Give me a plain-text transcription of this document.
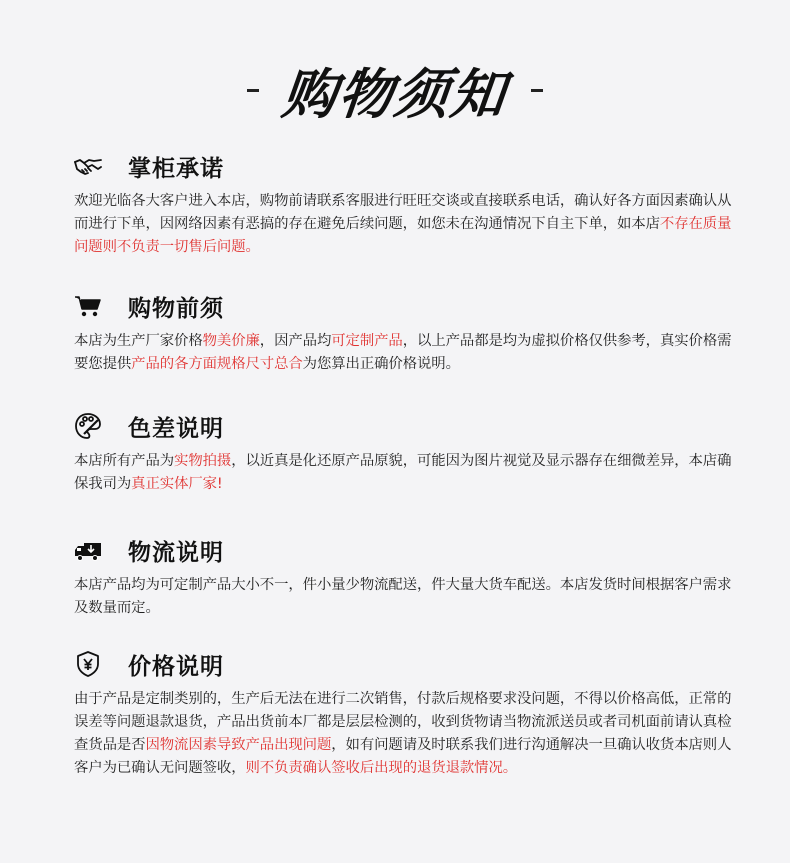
购物须知
掌柜承诺
欢迎光临各大客户进入本店，购物前请联系客服进行旺旺交谈或直接联系电话，确认好各方面因素确认从而进行下单，因网络因素有恶搞的存在避免后续问题，如您未在沟通情况下自主下单，如本店不存在质量问题则不负责一切售后问题。
购物前须
本店为生产厂家价格物美价廉，因产品均可定制产品，以上产品都是均为虚拟价格仅供参考，真实价格需要您提供产品的各方面规格尺寸总合为您算出正确价格说明。
色差说明
本店所有产品为实物拍摄，以近真是化还原产品原貌，可能因为图片视觉及显示器存在细微差异，本店确保我司为真正实体厂家!
物流说明
本店产品均为可定制产品大小不一，件小量少物流配送，件大量大货车配送。本店发货时间根据客户需求及数量而定。
价格说明
由于产品是定制类别的，生产后无法在进行二次销售，付款后规格要求没问题，不得以价格高低，正常的误差等问题退款退货，产品出货前本厂都是层层检测的，收到货物请当物流派送员或者司机面前请认真检查货品是否因物流因素导致产品出现问题，如有问题请及时联系我们进行沟通解决一旦确认收货本店则人客户为已确认无问题签收，则不负责确认签收后出现的退货退款情况。
